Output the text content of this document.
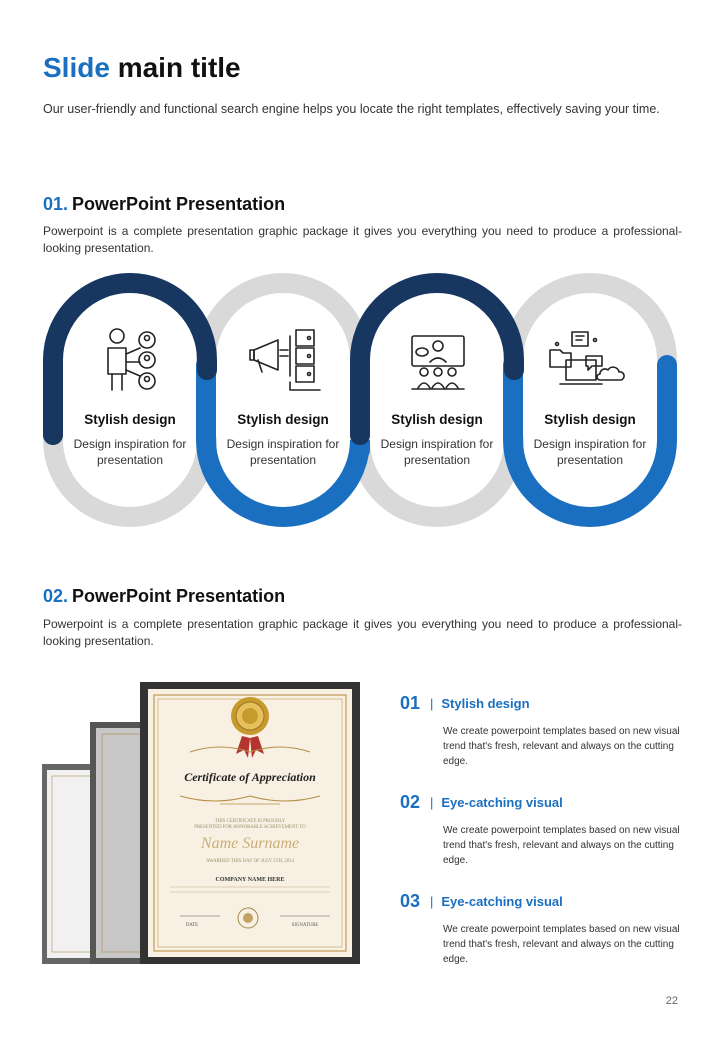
Slide main title
Our user-friendly and functional search engine helps you locate the right templates, effectively saving your time.
01. PowerPoint Presentation
Powerpoint is a complete presentation graphic package it gives you everything you need to produce a professional-looking presentation.
Stylish design
Design inspiration for presentation
Stylish design
Design inspiration for presentation
Stylish design
Design inspiration for presentation
Stylish design
Design inspiration for presentation
02. PowerPoint Presentation
Powerpoint is a complete presentation graphic package it gives you everything you need to produce a professional-looking presentation.
Certificate of Appreciation
THIS CERTIFICATE IS PROUDLY
PRESENTED FOR HONORABLE ACHIEVEMENT TO
Name Surname
AWARDED THIS DAY OF JULY 5TH, 2014
COMPANY NAME HERE
DATE	SIGNATURE
01 | Stylish design
We create powerpoint templates based on new visual trend that's fresh, relevant and always on the cutting edge.
02 | Eye-catching visual
We create powerpoint templates based on new visual trend that's fresh, relevant and always on the cutting edge.
03 | Eye-catching visual
We create powerpoint templates based on new visual trend that's fresh, relevant and always on the cutting edge.
22
